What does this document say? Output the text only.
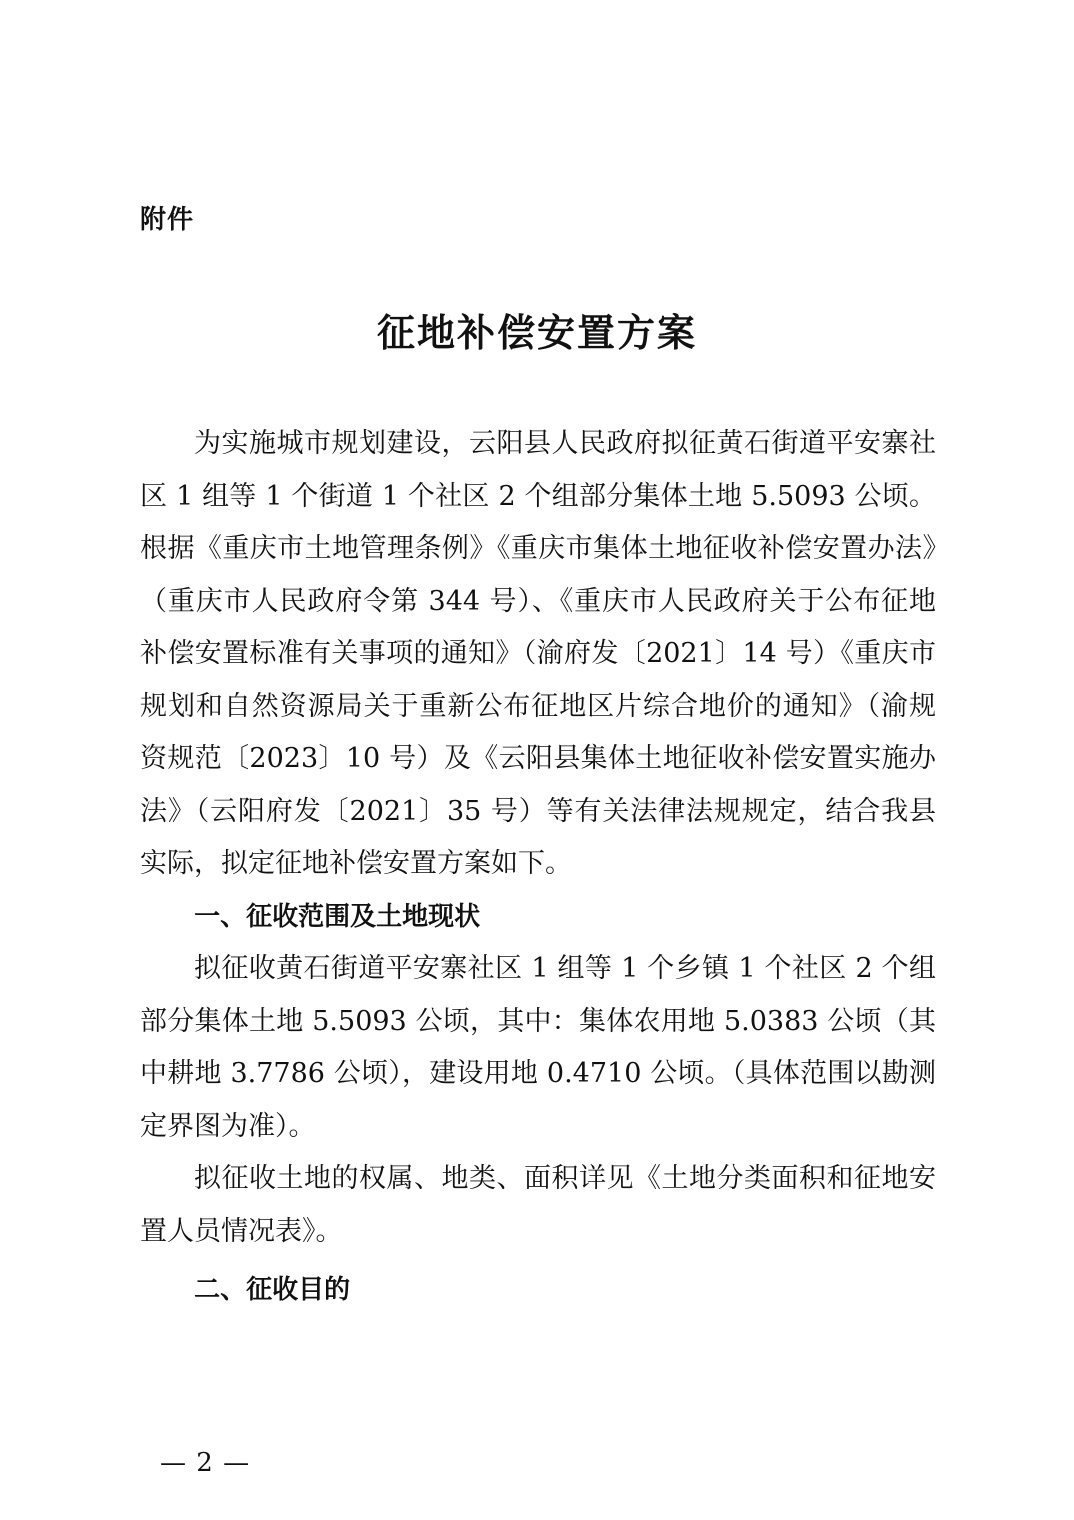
附件
征地补偿安置方案

为实施城市规划建设，云阳县人民政府拟征黄石街道平安寨社区 1 组等 1 个街道 1 个社区 2 个组部分集体土地 5.5093 公顷。根据《重庆市土地管理条例》《重庆市集体土地征收补偿安置办法》（重庆市人民政府令第 344 号）、《重庆市人民政府关于公布征地补偿安置标准有关事项的通知》（渝府发〔2021〕14 号）《重庆市规划和自然资源局关于重新公布征地区片综合地价的通知》（渝规资规范〔2023〕10 号）及《云阳县集体土地征收补偿安置实施办法》（云阳府发〔2021〕35 号）等有关法律法规规定，结合我县实际，拟定征地补偿安置方案如下。

一、征收范围及土地现状

拟征收黄石街道平安寨社区 1 组等 1 个乡镇 1 个社区 2 个组部分集体土地 5.5093 公顷，其中：集体农用地 5.0383 公顷（其中耕地 3.7786 公顷），建设用地 0.4710 公顷。（具体范围以勘测定界图为准）。

拟征收土地的权属、地类、面积详见《土地分类面积和征地安置人员情况表》。

二、征收目的

— 2 —
